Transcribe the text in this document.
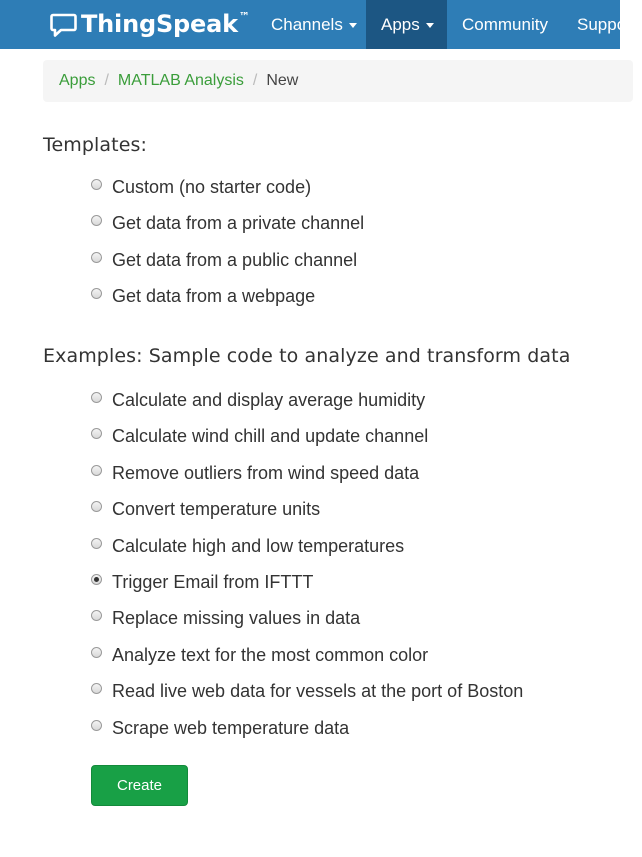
ThingSpeak ™ Channels Apps Community Support
Apps / MATLAB Analysis / New
Templates:
Custom (no starter code)
Get data from a private channel
Get data from a public channel
Get data from a webpage
Examples: Sample code to analyze and transform data
Calculate and display average humidity
Calculate wind chill and update channel
Remove outliers from wind speed data
Convert temperature units
Calculate high and low temperatures
Trigger Email from IFTTT
Replace missing values in data
Analyze text for the most common color
Read live web data for vessels at the port of Boston
Scrape web temperature data
Create
